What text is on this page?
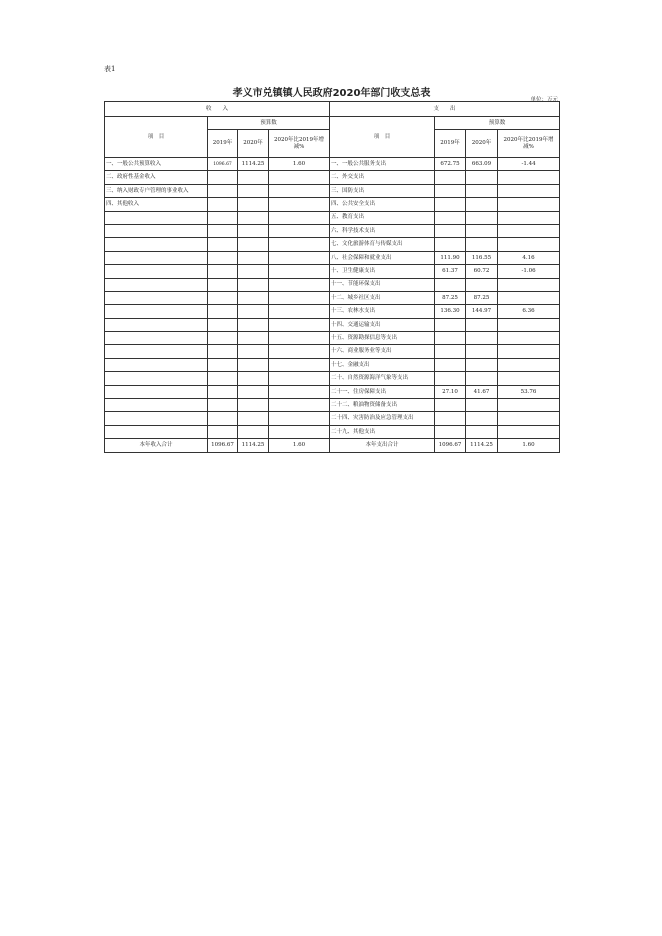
表1
孝义市兑镇镇人民政府2020年部门收支总表
单位：万元
收　　入				支　　出			
项　目	预算数			项　目	预算数		
	2019年	2020年	2020年比2019年增减%		2019年	2020年	2020年比2019年增减%
一、一般公共预算收入	1096.67	1114.25	1.60	一、一般公共服务支出	672.75	663.09	-1.44
二、政府性基金收入				二、外交支出			
三、纳入财政专户管理的事业收入				三、国防支出			
四、其他收入				四、公共安全支出			
				五、教育支出			
				六、科学技术支出			
				七、文化旅游体育与传媒支出			
				八、社会保障和就业支出	111.90	116.55	4.16
				十、卫生健康支出	61.37	60.72	-1.06
				十一、节能环保支出			
				十二、城乡社区支出	87.25	87.25	
				十三、农林水支出	136.30	144.97	6.36
				十四、交通运输支出			
				十五、资源勘探信息等支出			
				十六、商业服务业等支出			
				十七、金融支出			
				二十、自然资源海洋气象等支出			
				二十一、住房保障支出	27.10	41.67	53.76
				二十二、粮油物资储备支出			
				二十四、灾害防治及应急管理支出			
				二十九、其他支出			
本年收入合计	1096.67	1114.25	1.60	本年支出合计	1096.67	1114.25	1.60
